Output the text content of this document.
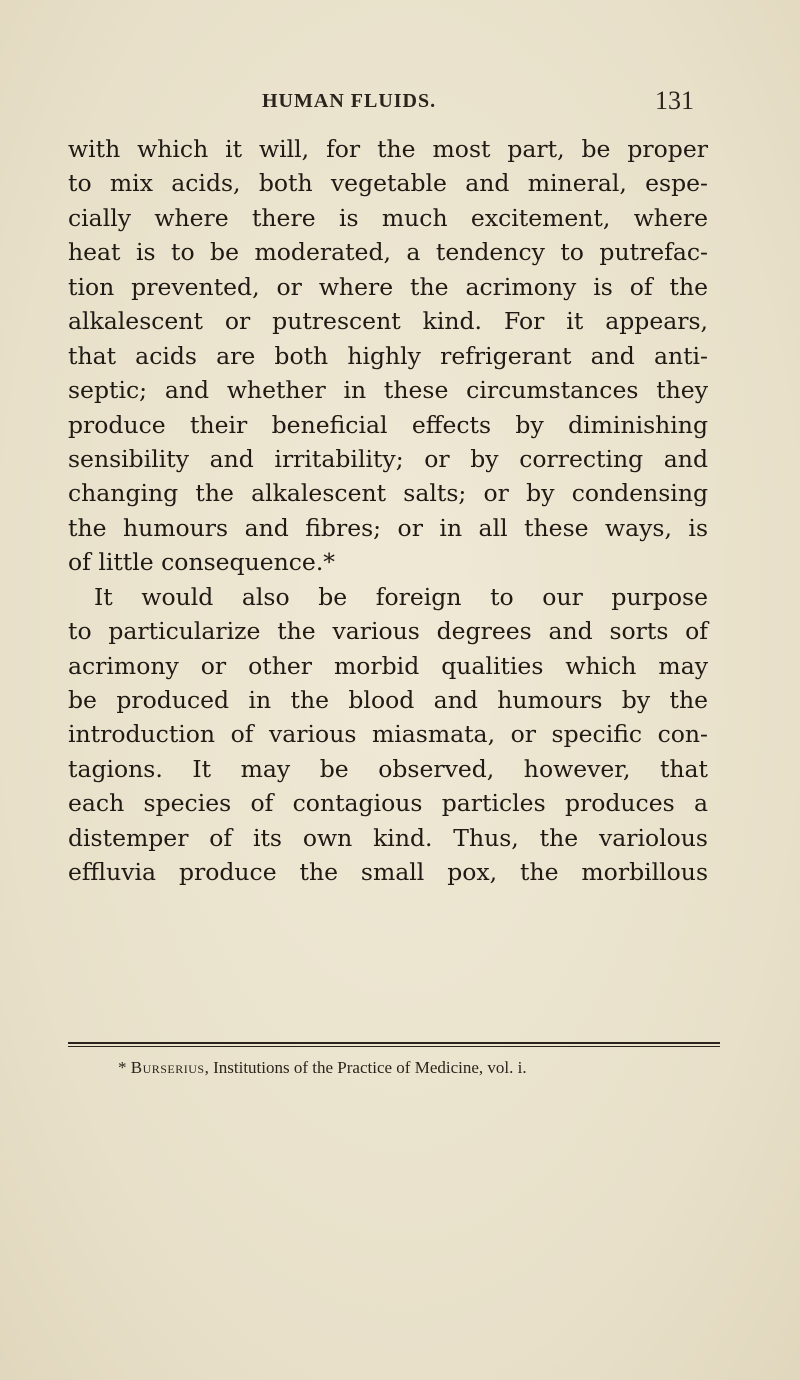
HUMAN FLUIDS.	131
with which it will, for the most part, be proper
to mix acids, both vegetable and mineral, espe-
cially where there is much excitement, where
heat is to be moderated, a tendency to putrefac-
tion prevented, or where the acrimony is of the
alkalescent or putrescent kind. For it appears,
that acids are both highly refrigerant and anti-
septic; and whether in these circumstances they
produce their beneficial effects by diminishing
sensibility and irritability; or by correcting and
changing the alkalescent salts; or by condensing
the humours and fibres; or in all these ways, is
of little consequence.*
It would also be foreign to our purpose
to particularize the various degrees and sorts of
acrimony or other morbid qualities which may
be produced in the blood and humours by the
introduction of various miasmata, or specific con-
tagions. It may be observed, however, that
each species of contagious particles produces a
distemper of its own kind. Thus, the variolous
effluvia produce the small pox, the morbillous
* Burserius, Institutions of the Practice of Medicine, vol. i.
